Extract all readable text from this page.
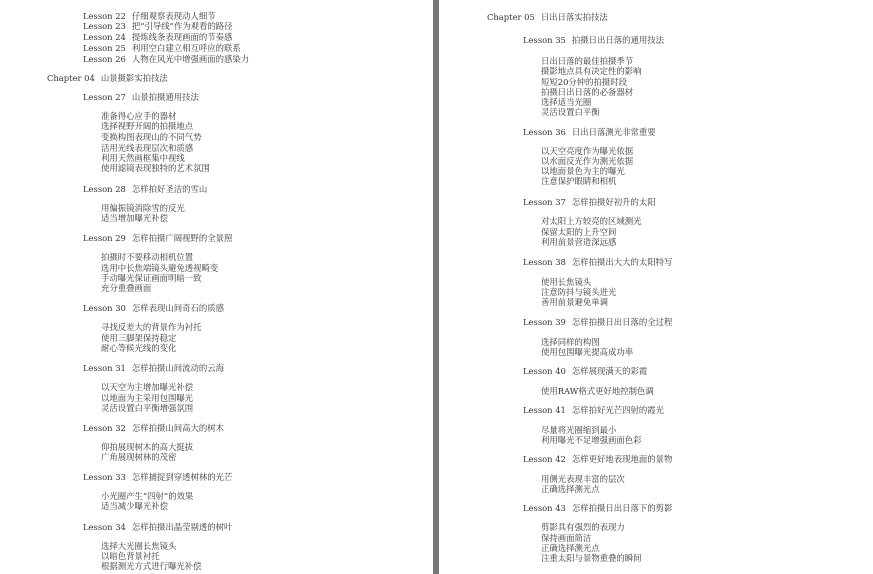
Lesson 22 仔细观察表现动人细节
Lesson 23 把“引导线”作为观看的路径
Lesson 24 提炼线条表现画面的节奏感
Lesson 25 利用空白建立相互呼应的联系
Lesson 26 人物在风光中增强画面的感染力
Chapter 04 山景摄影实拍技法
Lesson 27 山景拍摄通用技法
准备得心应手的器材
选择视野开阔的拍摄地点
变换构图表现山的不同气势
活用光线表现层次和质感
利用天然画框集中视线
使用滤镜表现独特的艺术氛围
Lesson 28 怎样拍好圣洁的雪山
用偏振镜消除雪的反光
适当增加曝光补偿
Lesson 29 怎样拍摄广阔视野的全景照
拍摄时不要移动相机位置
选用中长焦端镜头避免透视畸变
手动曝光保证画面明暗一致
充分重叠画面
Lesson 30 怎样表现山间奇石的质感
寻找反差大的背景作为衬托
使用三脚架保持稳定
耐心等候光线的变化
Lesson 31 怎样拍摄山间流动的云海
以天空为主增加曝光补偿
以地面为主采用包围曝光
灵活设置白平衡增强氛围
Lesson 32 怎样拍摄山间高大的树木
仰拍展现树木的高大挺拔
广角展现树林的茂密
Lesson 33 怎样捕捉到穿透树林的光芒
小光圈产生“四射”的效果
适当减少曝光补偿
Lesson 34 怎样拍摄出晶莹剔透的树叶
选择大光圈长焦镜头
以暗色背景衬托
根据测光方式进行曝光补偿
Chapter 05 日出日落实拍技法
Lesson 35 拍摄日出日落的通用技法
日出日落的最佳拍摄季节
摄影地点具有决定性的影响
短短20分钟的拍摄时段
拍摄日出日落的必备器材
选择适当光圈
灵活设置白平衡
Lesson 36 日出日落测光非常重要
以天空亮度作为曝光依据
以水面反光作为测光依据
以地面景色为主的曝光
注意保护眼睛和相机
Lesson 37 怎样拍摄好初升的太阳
对太阳上方较亮的区域测光
保留太阳的上升空间
利用前景营造深远感
Lesson 38 怎样拍摄出大大的太阳特写
使用长焦镜头
注意防抖与镜头进光
善用前景避免单调
Lesson 39 怎样拍摄日出日落的全过程
选择同样的构图
使用包围曝光提高成功率
Lesson 40 怎样展现满天的彩霞
使用RAW格式更好地控制色调
Lesson 41 怎样拍好光芒四射的霞光
尽量将光圈缩到最小
利用曝光不足增强画面色彩
Lesson 42 怎样更好地表现地面的景物
用侧光表现丰富的层次
正确选择测光点
Lesson 43 怎样拍摄日出日落下的剪影
剪影具有强烈的表现力
保持画面简洁
正确选择测光点
注重太阳与景物重叠的瞬间
